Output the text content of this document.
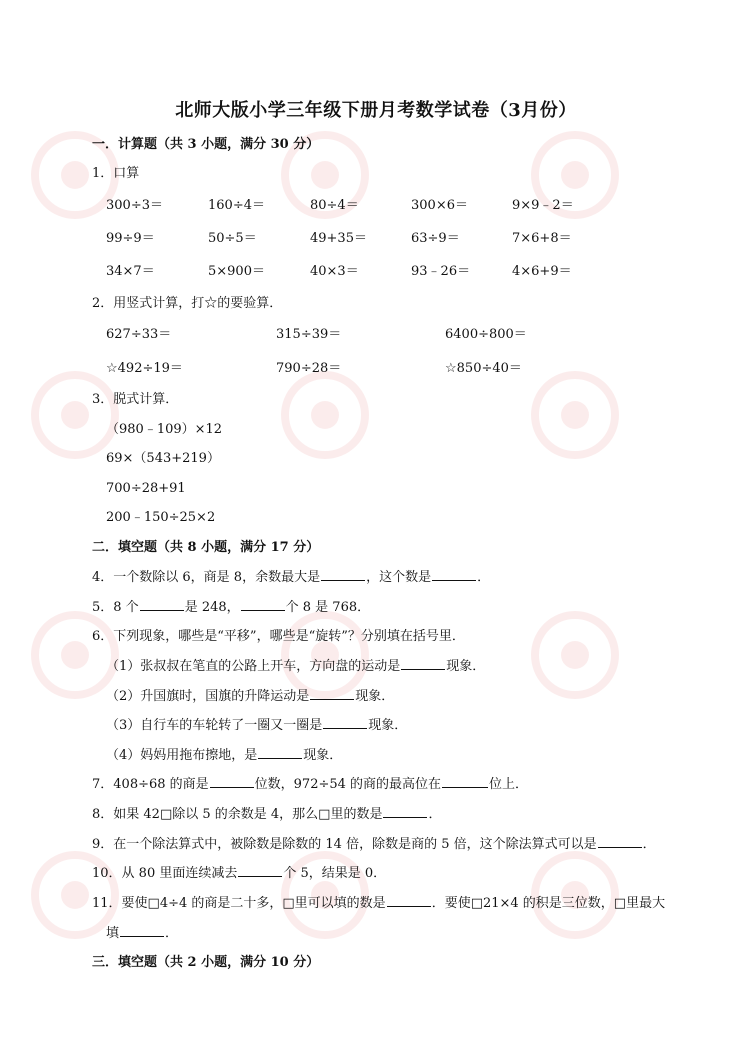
北师大版小学三年级下册月考数学试卷（3月份）
一．计算题（共 3 小题，满分 30 分）
1．口算
300÷3＝	160÷4＝	80÷4＝	300×6＝	9×9﹣2＝
99÷9＝	50÷5＝	49+35＝	63÷9＝	7×6+8＝
34×7＝	5×900＝	40×3＝	93﹣26＝	4×6+9＝
2．用竖式计算，打☆的要验算．
627÷33＝	315÷39＝	6400÷800＝
☆492÷19＝	790÷28＝	☆850÷40＝
3．脱式计算．
（980﹣109）×12
69×（543+219）
700÷28+91
200﹣150÷25×2
二．填空题（共 8 小题，满分 17 分）
4．一个数除以 6，商是 8，余数最大是	，这个数是	．
5．8 个	是 248，	个 8 是 768．
6．下列现象，哪些是“平移”，哪些是“旋转”？分别填在括号里．
（1）张叔叔在笔直的公路上开车，方向盘的运动是	现象．
（2）升国旗时，国旗的升降运动是	现象．
（3）自行车的车轮转了一圈又一圈是	现象．
（4）妈妈用拖布擦地，是	现象．
7．408÷68 的商是	位数，972÷54 的商的最高位在	位上．
8．如果 42□除以 5 的余数是 4，那么□里的数是	．
9．在一个除法算式中，被除数是除数的 14 倍，除数是商的 5 倍，这个除法算式可以是	．
10．从 80 里面连续减去	个 5，结果是 0．
11．要使□4÷4 的商是二十多，□里可以填的数是	．要使□21×4 的积是三位数，□里最大
填	．
三．填空题（共 2 小题，满分 10 分）
